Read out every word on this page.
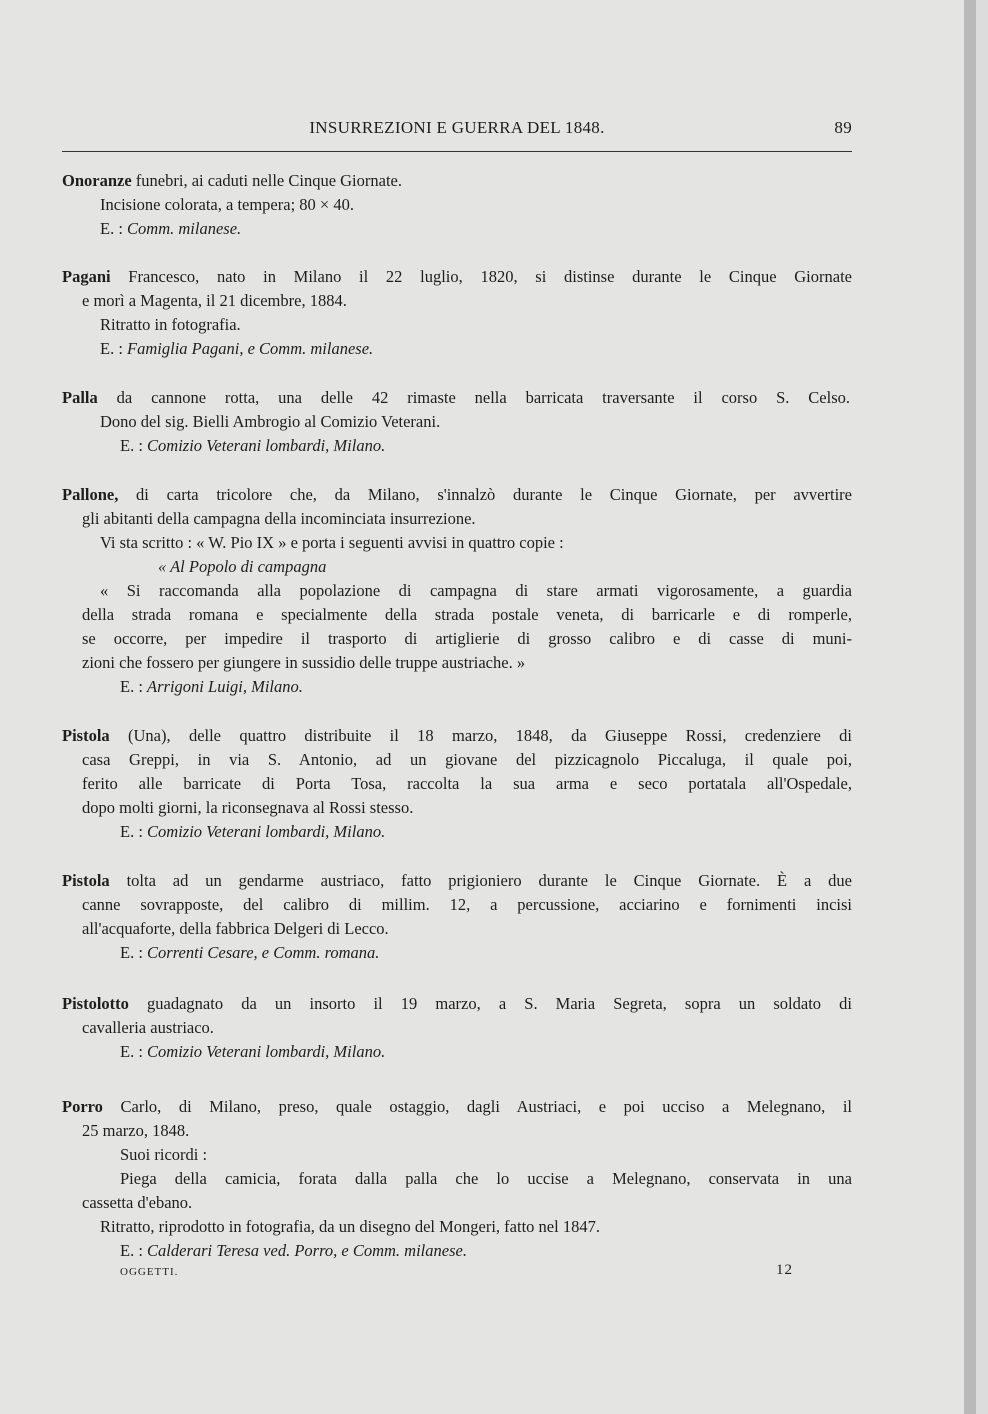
INSURREZIONI E GUERRA DEL 1848.	89
Onoranze funebri, ai caduti nelle Cinque Giornate.
Incisione colorata, a tempera; 80 × 40.
E. : Comm. milanese.
Pagani Francesco, nato in Milano il 22 luglio, 1820, si distinse durante le Cinque Giornate
e morì a Magenta, il 21 dicembre, 1884.
Ritratto in fotografia.
E. : Famiglia Pagani, e Comm. milanese.
Palla da cannone rotta, una delle 42 rimaste nella barricata traversante il corso S. Celso.
Dono del sig. Bielli Ambrogio al Comizio Veterani.
E. : Comizio Veterani lombardi, Milano.
Pallone, di carta tricolore che, da Milano, s'innalzò durante le Cinque Giornate, per avvertire
gli abitanti della campagna della incominciata insurrezione.
Vi sta scritto : « W. Pio IX » e porta i seguenti avvisi in quattro copie :
« Al Popolo di campagna
« Si raccomanda alla popolazione di campagna di stare armati vigorosamente, a guardia
della strada romana e specialmente della strada postale veneta, di barricarle e di romperle,
se occorre, per impedire il trasporto di artiglierie di grosso calibro e di casse di muni-
zioni che fossero per giungere in sussidio delle truppe austriache. »
E. : Arrigoni Luigi, Milano.
Pistola (Una), delle quattro distribuite il 18 marzo, 1848, da Giuseppe Rossi, credenziere di
casa Greppi, in via S. Antonio, ad un giovane del pizzicagnolo Piccaluga, il quale poi,
ferito alle barricate di Porta Tosa, raccolta la sua arma e seco portatala all'Ospedale,
dopo molti giorni, la riconsegnava al Rossi stesso.
E. : Comizio Veterani lombardi, Milano.
Pistola tolta ad un gendarme austriaco, fatto prigioniero durante le Cinque Giornate. È a due
canne sovrapposte, del calibro di millim. 12, a percussione, acciarino e fornimenti incisi
all'acquaforte, della fabbrica Delgeri di Lecco.
E. : Correnti Cesare, e Comm. romana.
Pistolotto guadagnato da un insorto il 19 marzo, a S. Maria Segreta, sopra un soldato di
cavalleria austriaco.
E. : Comizio Veterani lombardi, Milano.
Porro Carlo, di Milano, preso, quale ostaggio, dagli Austriaci, e poi ucciso a Melegnano, il
25 marzo, 1848.
Suoi ricordi :
Piega della camicia, forata dalla palla che lo uccise a Melegnano, conservata in una
cassetta d'ebano.
Ritratto, riprodotto in fotografia, da un disegno del Mongeri, fatto nel 1847.
E. : Calderari Teresa ved. Porro, e Comm. milanese.
OGGETTI.	12
